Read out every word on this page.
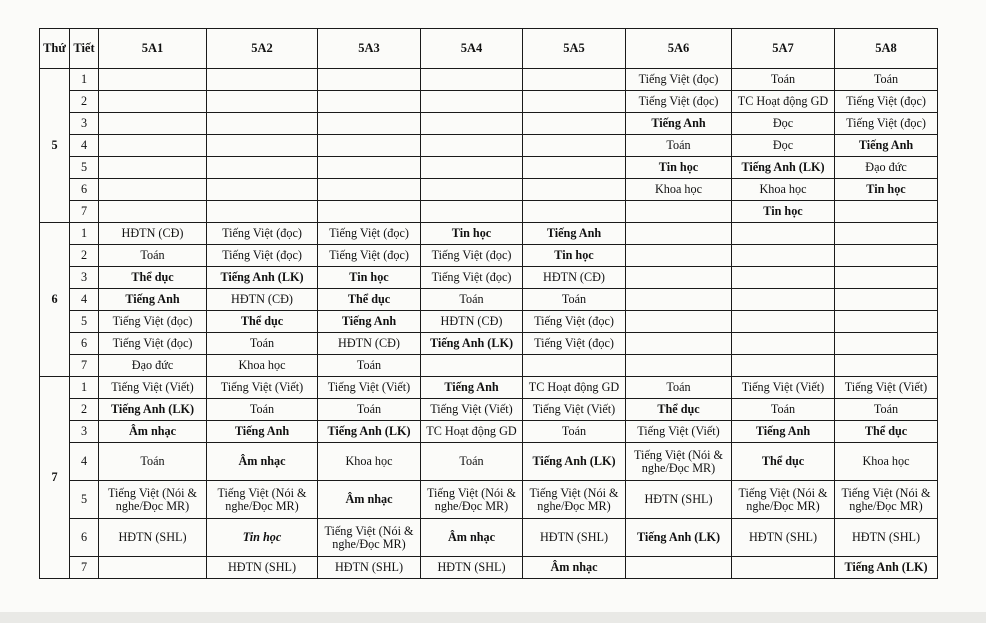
Thứ	Tiết	5A1	5A2	5A3	5A4	5A5	5A6	5A7	5A8
5	1						Tiếng Việt (đọc)	Toán	Toán
	2						Tiếng Việt (đọc)	TC Hoạt động GD	Tiếng Việt (đọc)
	3						Tiếng Anh	Đọc	Tiếng Việt (đọc)
	4						Toán	Đọc	Tiếng Anh
	5						Tin học	Tiếng Anh (LK)	Đạo đức
	6						Khoa học	Khoa học	Tin học
	7							Tin học	
6	1	HĐTN (CĐ)	Tiếng Việt (đọc)	Tiếng Việt (đọc)	Tin học	Tiếng Anh			
	2	Toán	Tiếng Việt (đọc)	Tiếng Việt (đọc)	Tiếng Việt (đọc)	Tin học			
	3	Thể dục	Tiếng Anh (LK)	Tin học	Tiếng Việt (đọc)	HĐTN (CĐ)			
	4	Tiếng Anh	HĐTN (CĐ)	Thể dục	Toán	Toán			
	5	Tiếng Việt (đọc)	Thể dục	Tiếng Anh	HĐTN (CĐ)	Tiếng Việt (đọc)			
	6	Tiếng Việt (đọc)	Toán	HĐTN (CĐ)	Tiếng Anh (LK)	Tiếng Việt (đọc)			
	7	Đạo đức	Khoa học	Toán					
7	1	Tiếng Việt (Viết)	Tiếng Việt (Viết)	Tiếng Việt (Viết)	Tiếng Anh	TC Hoạt động GD	Toán	Tiếng Việt (Viết)	Tiếng Việt (Viết)
	2	Tiếng Anh (LK)	Toán	Toán	Tiếng Việt (Viết)	Tiếng Việt (Viết)	Thể dục	Toán	Toán
	3	Âm nhạc	Tiếng Anh	Tiếng Anh (LK)	TC Hoạt động GD	Toán	Tiếng Việt (Viết)	Tiếng Anh	Thể dục
	4	Toán	Âm nhạc	Khoa học	Toán	Tiếng Anh (LK)	Tiếng Việt (Nói & nghe/Đọc MR)	Thể dục	Khoa học
	5	Tiếng Việt (Nói & nghe/Đọc MR)	Tiếng Việt (Nói & nghe/Đọc MR)	Âm nhạc	Tiếng Việt (Nói & nghe/Đọc MR)	Tiếng Việt (Nói & nghe/Đọc MR)	HĐTN (SHL)	Tiếng Việt (Nói & nghe/Đọc MR)	Tiếng Việt (Nói & nghe/Đọc MR)
	6	HĐTN (SHL)	Tin học	Tiếng Việt (Nói & nghe/Đọc MR)	Âm nhạc	HĐTN (SHL)	Tiếng Anh (LK)	HĐTN (SHL)	HĐTN (SHL)
	7		HĐTN (SHL)	HĐTN (SHL)	HĐTN (SHL)	Âm nhạc			Tiếng Anh (LK)
